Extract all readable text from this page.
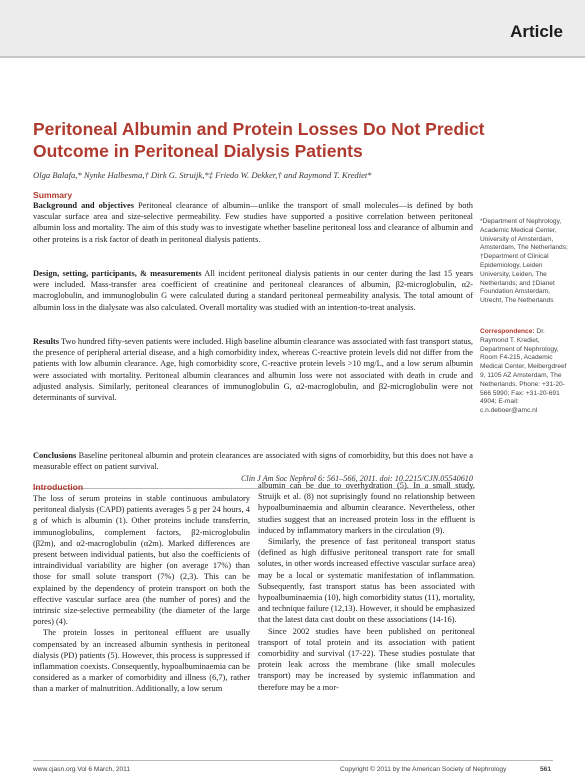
Article
Peritoneal Albumin and Protein Losses Do Not Predict Outcome in Peritoneal Dialysis Patients
Olga Balafa,* Nynke Halbesma,† Dirk G. Struijk,*‡ Friedo W. Dekker,† and Raymond T. Krediet*
Summary
Background and objectives Peritoneal clearance of albumin—unlike the transport of small molecules—is defined by both vascular surface area and size-selective permeability. Few studies have supported a positive correlation between peritoneal albumin loss and mortality. The aim of this study was to investigate whether baseline peritoneal loss and clearance of albumin and other proteins is a risk factor of death in peritoneal dialysis patients.
Design, setting, participants, & measurements All incident peritoneal dialysis patients in our center during the last 15 years were included. Mass-transfer area coefficient of creatinine and peritoneal clearances of albumin, β2-microglobulin, α2-macroglobulin, and immunoglobulin G were calculated during a standard peritoneal permeability analysis. The total amount of albumin loss in the dialysate was also calculated. Overall mortality was studied with an intention-to-treat analysis.
Results Two hundred fifty-seven patients were included. High baseline albumin clearance was associated with fast transport status, the presence of peripheral arterial disease, and a high comorbidity index, whereas C-reactive protein levels did not differ from the patients with low albumin clearance. Age, high comorbidity score, C-reactive protein levels >10 mg/L, and a low serum albumin were associated with mortality. Peritoneal albumin clearances and albumin loss were not associated with death in crude and adjusted analysis. Similarly, peritoneal clearances of immunoglobulin G, α2-macroglobulin, and β2-microglobulin were not determinants of survival.
Conclusions Baseline peritoneal albumin and protein clearances are associated with signs of comorbidity, but this does not have a measurable effect on patient survival.
Clin J Am Soc Nephrol 6: 561–566, 2011. doi: 10.2215/CJN.05540610
*Department of Nephrology, Academic Medical Center, University of Amsterdam, Amsterdam, The Netherlands; †Department of Clinical Epidemiology, Leiden University, Leiden, The Netherlands; and ‡Dianet Foundation Amsterdam, Utrecht, The Netherlands
Correspondence: Dr. Raymond T. Krediet, Department of Nephrology, Room F4-215, Academic Medical Center, Meibergdreef 9, 1105 AZ Amsterdam, The Netherlands. Phone: +31-20-566 5990; Fax: +31-20-691 4904; E-mail: c.n.deboer@amc.nl
Introduction
The loss of serum proteins in stable continuous ambulatory peritoneal dialysis (CAPD) patients averages 5 g per 24 hours, 4 g of which is albumin (1). Other proteins include transferrin, immunoglobulins, complement factors, β2-microglobulin (β2m), and α2-macroglobulin (α2m). Marked differences are present between individual patients, but also the coefficients of intraindividual variability are higher (on average 17%) than those for small solute transport (7%) (2,3). This can be explained by the dependency of protein transport on both the effective vascular surface area (the number of pores) and the intrinsic size-selective permeability (the diameter of the large pores) (4).
The protein losses in peritoneal effluent are usually compensated by an increased albumin synthesis in peritoneal dialysis (PD) patients (5). However, this process is suppressed if inflammation coexists. Consequently, hypoalbuminaemia can be considered as a marker of comorbidity and illness (6,7), rather than a marker of malnutrition. Additionally, a low serum
albumin can be due to overhydration (5). In a small study, Struijk et al. (8) not suprisingly found no relationship between hypoalbuminaemia and albumin clearance. Nevertheless, other studies suggest that an increased protein loss in the effluent is induced by inflammatory markers in the circulation (9).
Similarly, the presence of fast peritoneal transport status (defined as high diffusive peritoneal transport rate for small solutes, in other words increased effective vascular surface area) may be a local or systematic manifestation of inflammation. Subsequently, fast transport status has been associated with hypoalbuminaemia (10), high comorbidity status (11), mortality, and technique failure (12,13). However, it should be emphasized that the latest data cast doubt on these associations (14-16).
Since 2002 studies have been published on peritoneal transport of total protein and its association with patient comorbidity and survival (17-22). These studies postulate that protein leak across the membrane (like small molecules transport) may be increased by systemic inflammation and therefore may be a mor-
www.cjasn.org Vol 6 March, 2011	Copyright © 2011 by the American Society of Nephrology	561
